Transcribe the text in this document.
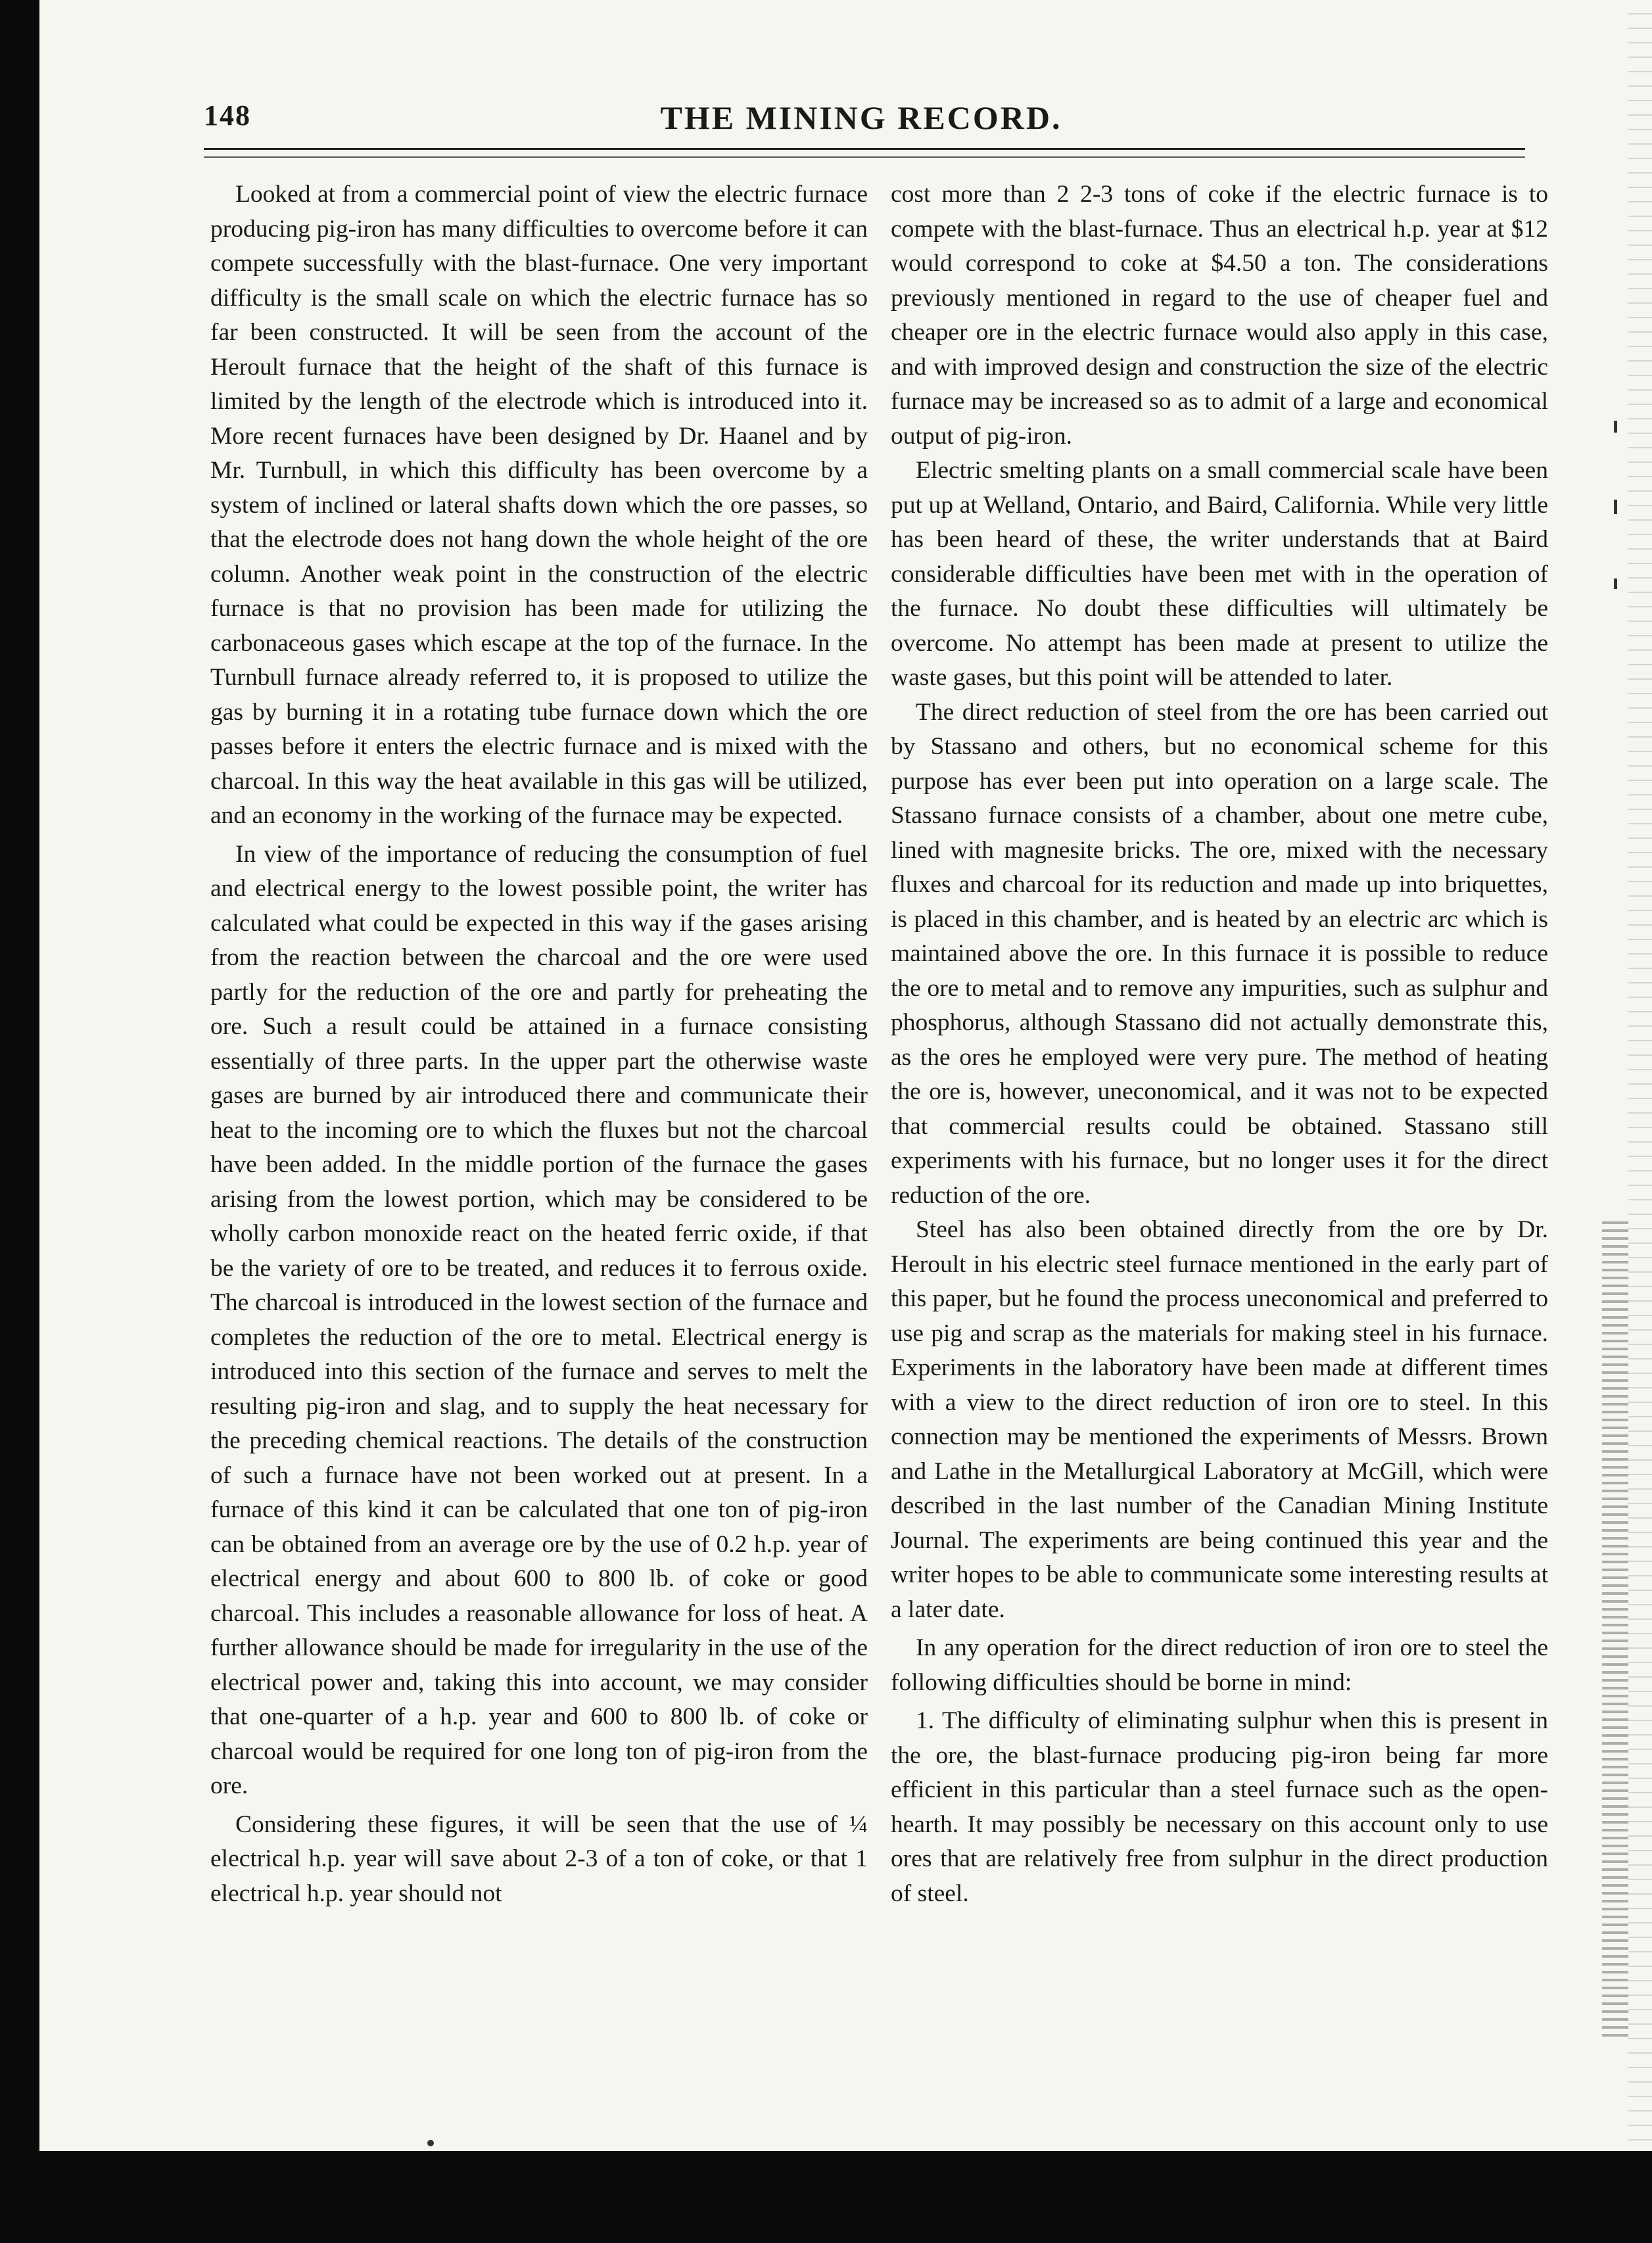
148	THE MINING RECORD.

Looked at from a commercial point of view the electric furnace producing pig-iron has many difficulties to overcome before it can compete successfully with the blast-furnace. One very important difficulty is the small scale on which the electric furnace has so far been constructed. It will be seen from the account of the Heroult furnace that the height of the shaft of this furnace is limited by the length of the electrode which is introduced into it. More recent furnaces have been designed by Dr. Haanel and by Mr. Turnbull, in which this difficulty has been overcome by a system of inclined or lateral shafts down which the ore passes, so that the electrode does not hang down the whole height of the ore column. Another weak point in the construction of the electric furnace is that no provision has been made for utilizing the carbonaceous gases which escape at the top of the furnace. In the Turnbull furnace already referred to, it is proposed to utilize the gas by burning it in a rotating tube furnace down which the ore passes before it enters the electric furnace and is mixed with the charcoal. In this way the heat available in this gas will be utilized, and an economy in the working of the furnace may be expected.

In view of the importance of reducing the consumption of fuel and electrical energy to the lowest possible point, the writer has calculated what could be expected in this way if the gases arising from the reaction between the charcoal and the ore were used partly for the reduction of the ore and partly for preheating the ore. Such a result could be attained in a furnace consisting essentially of three parts. In the upper part the otherwise waste gases are burned by air introduced there and communicate their heat to the incoming ore to which the fluxes but not the charcoal have been added. In the middle portion of the furnace the gases arising from the lowest portion, which may be considered to be wholly carbon monoxide react on the heated ferric oxide, if that be the variety of ore to be treated, and reduces it to ferrous oxide. The charcoal is introduced in the lowest section of the furnace and completes the reduction of the ore to metal. Electrical energy is introduced into this section of the furnace and serves to melt the resulting pig-iron and slag, and to supply the heat necessary for the preceding chemical reactions. The details of the construction of such a furnace have not been worked out at present. In a furnace of this kind it can be calculated that one ton of pig-iron can be obtained from an average ore by the use of 0.2 h.p. year of electrical energy and about 600 to 800 lb. of coke or good charcoal. This includes a reasonable allowance for loss of heat. A further allowance should be made for irregularity in the use of the electrical power and, taking this into account, we may consider that one-quarter of a h.p. year and 600 to 800 lb. of coke or charcoal would be required for one long ton of pig-iron from the ore.

Considering these figures, it will be seen that the use of ¼ electrical h.p. year will save about 2-3 of a ton of coke, or that 1 electrical h.p. year should not

cost more than 2 2-3 tons of coke if the electric furnace is to compete with the blast-furnace. Thus an electrical h.p. year at $12 would correspond to coke at $4.50 a ton. The considerations previously mentioned in regard to the use of cheaper fuel and cheaper ore in the electric furnace would also apply in this case, and with improved design and construction the size of the electric furnace may be increased so as to admit of a large and economical output of pig-iron.

Electric smelting plants on a small commercial scale have been put up at Welland, Ontario, and Baird, California. While very little has been heard of these, the writer understands that at Baird considerable difficulties have been met with in the operation of the furnace. No doubt these difficulties will ultimately be overcome. No attempt has been made at present to utilize the waste gases, but this point will be attended to later.

The direct reduction of steel from the ore has been carried out by Stassano and others, but no economical scheme for this purpose has ever been put into operation on a large scale. The Stassano furnace consists of a chamber, about one metre cube, lined with magnesite bricks. The ore, mixed with the necessary fluxes and charcoal for its reduction and made up into briquettes, is placed in this chamber, and is heated by an electric arc which is maintained above the ore. In this furnace it is possible to reduce the ore to metal and to remove any impurities, such as sulphur and phosphorus, although Stassano did not actually demonstrate this, as the ores he employed were very pure. The method of heating the ore is, however, uneconomical, and it was not to be expected that commercial results could be obtained. Stassano still experiments with his furnace, but no longer uses it for the direct reduction of the ore.

Steel has also been obtained directly from the ore by Dr. Heroult in his electric steel furnace mentioned in the early part of this paper, but he found the process uneconomical and preferred to use pig and scrap as the materials for making steel in his furnace. Experiments in the laboratory have been made at different times with a view to the direct reduction of iron ore to steel. In this connection may be mentioned the experiments of Messrs. Brown and Lathe in the Metallurgical Laboratory at McGill, which were described in the last number of the Canadian Mining Institute Journal. The experiments are being continued this year and the writer hopes to be able to communicate some interesting results at a later date.

In any operation for the direct reduction of iron ore to steel the following difficulties should be borne in mind:

1. The difficulty of eliminating sulphur when this is present in the ore, the blast-furnace producing pig-iron being far more efficient in this particular than a steel furnace such as the open-hearth. It may possibly be necessary on this account only to use ores that are relatively free from sulphur in the direct production of steel.
